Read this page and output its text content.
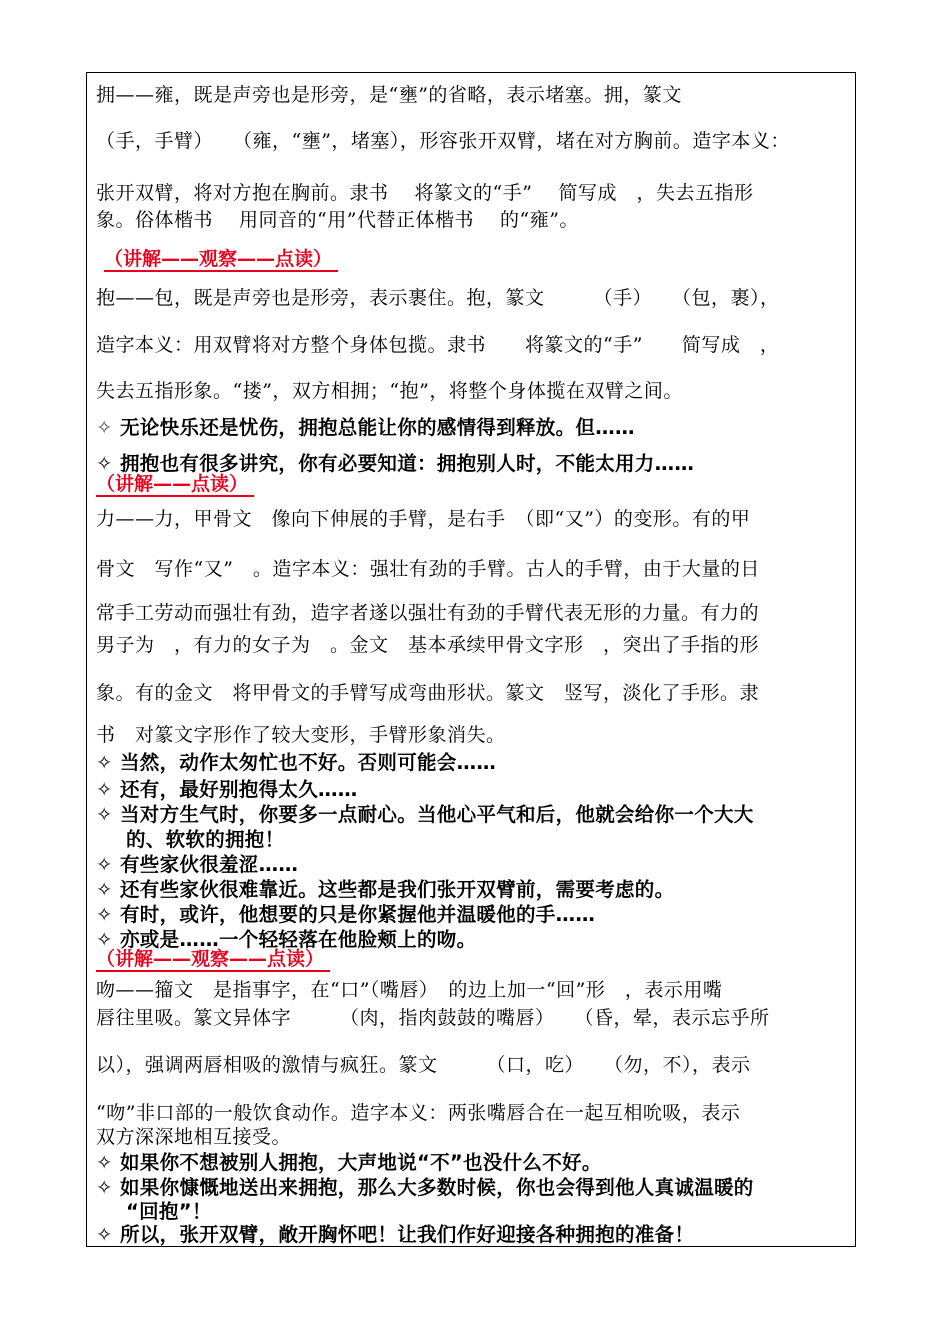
拥——雍，既是声旁也是形旁，是“壅”的省略，表示堵塞。拥，篆文
（手，手臂）　　（雍，“壅”，堵塞），形容张开双臂，堵在对方胸前。造字本义：
张开双臂，将对方抱在胸前。隶书　 将篆文的“手”　 简写成　，失去五指形
象。俗体楷书　 用同音的“用”代替正体楷书　 的“雍”。
（讲解——观察——点读）
抱——包，既是声旁也是形旁，表示裹住。抱，篆文　　　（手）　　（包，裹），
造字本义：用双臂将对方整个身体包揽。隶书　　将篆文的“手”　　简写成　，
失去五指形象。“搂”，双方相拥；“抱”，将整个身体揽在双臂之间。
✧ 无论快乐还是忧伤，拥抱总能让你的感情得到释放。但……
✧ 拥抱也有很多讲究，你有必要知道：拥抱别人时，不能太用力……
（讲解——点读）
力——力，甲骨文　像向下伸展的手臂，是右手　（即“又”）的变形。有的甲
骨文　写作“又”　。造字本义：强壮有劲的手臂。古人的手臂，由于大量的日
常手工劳动而强壮有劲，造字者遂以强壮有劲的手臂代表无形的力量。有力的
男子为　，有力的女子为　。金文　基本承续甲骨文字形　，突出了手指的形
象。有的金文　将甲骨文的手臂写成弯曲形状。篆文　竖写，淡化了手形。隶
书　对篆文字形作了较大变形，手臂形象消失。
✧ 当然，动作太匆忙也不好。否则可能会……
✧ 还有，最好别抱得太久……
✧ 当对方生气时，你要多一点耐心。当他心平气和后，他就会给你一个大大
的、软软的拥抱！
✧ 有些家伙很羞涩……
✧ 还有些家伙很难靠近。这些都是我们张开双臂前，需要考虑的。
✧ 有时，或许，他想要的只是你紧握他并温暖他的手……
✧ 亦或是……一个轻轻落在他脸颊上的吻。
（讲解——观察——点读）
吻——籀文　是指事字，在“口”（嘴唇）　的边上加一“回”形　，表示用嘴
唇往里吸。篆文异体字　　　（肉，指肉鼓鼓的嘴唇）　　（昏，晕，表示忘乎所
以），强调两唇相吸的激情与疯狂。篆文　　　（口，吃）　　（勿，不），表示
“吻”非口部的一般饮食动作。造字本义：两张嘴唇合在一起互相吮吸，表示
双方深深地相互接受。
✧ 如果你不想被别人拥抱，大声地说“不”也没什么不好。
✧ 如果你慷慨地送出来拥抱，那么大多数时候，你也会得到他人真诚温暖的
“回抱”！
✧ 所以，张开双臂，敞开胸怀吧！让我们作好迎接各种拥抱的准备！
